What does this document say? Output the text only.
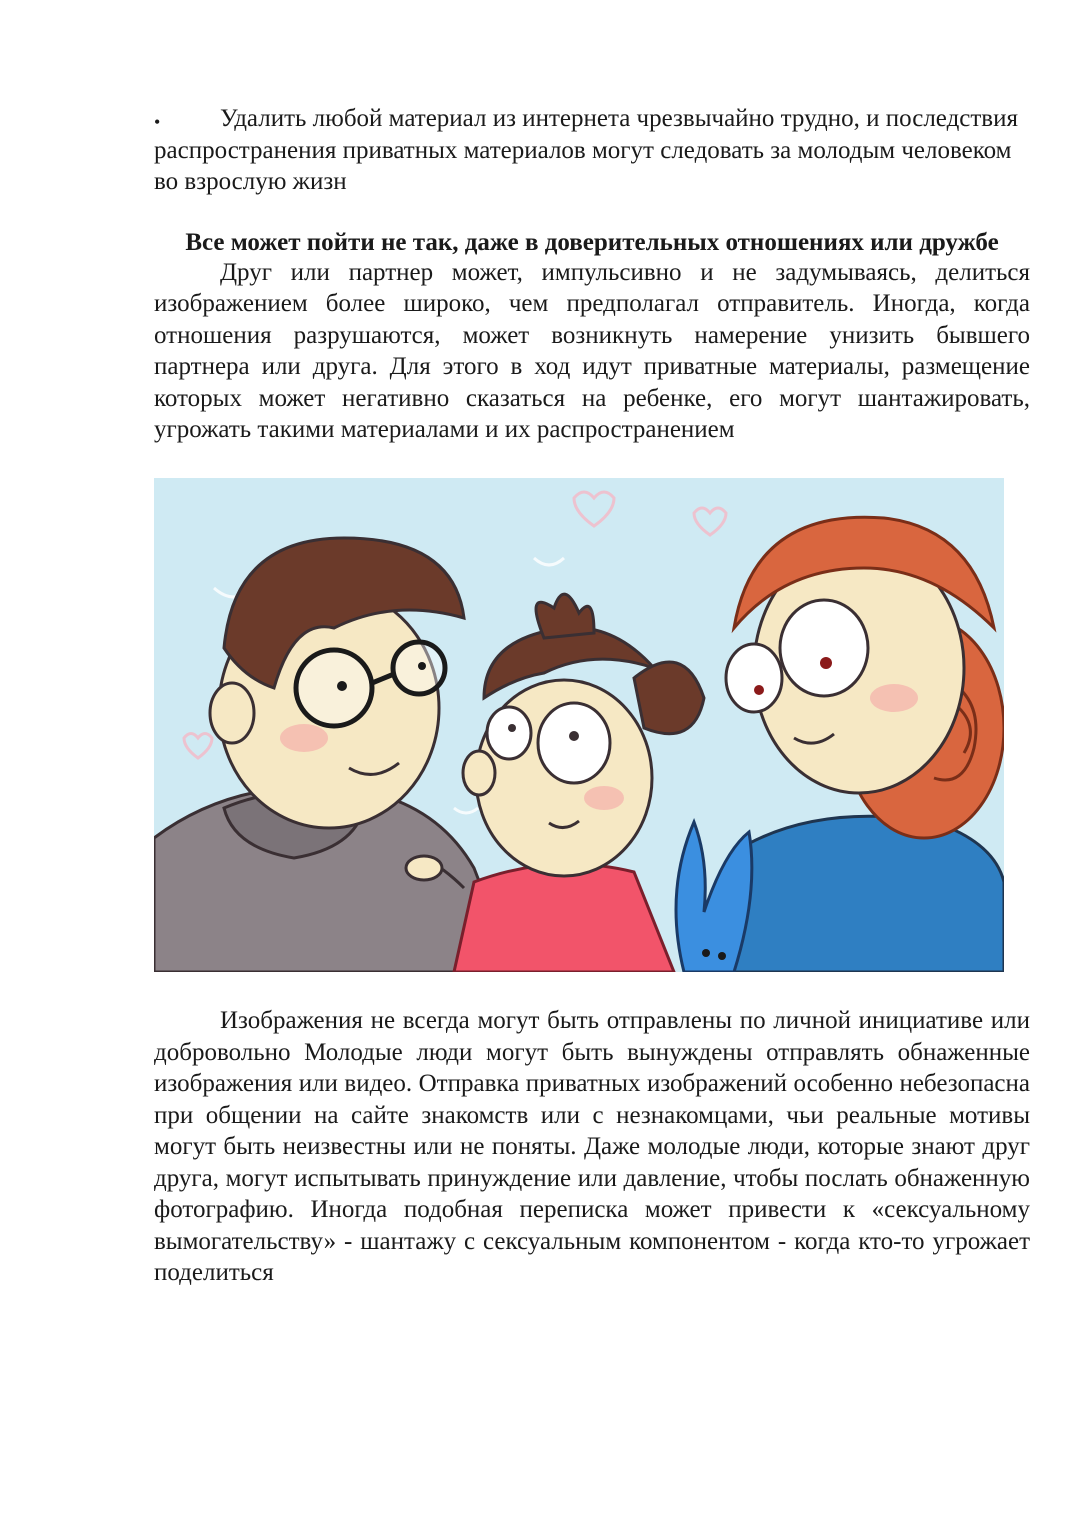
• Удалить любой материал из интернета чрезвычайно трудно, и последствия распространения приватных материалов могут следовать за молодым человеком во взрослую жизн

Все может пойти не так, даже в доверительных отношениях или дружбе

Друг или партнер может, импульсивно и не задумываясь, делиться изображением более широко, чем предполагал отправитель. Иногда, когда отношения разрушаются, может возникнуть намерение унизить бывшего партнера или друга. Для этого в ход идут приватные материалы, размещение которых может негативно сказаться на ребенке, его могут шантажировать, угрожать такими материалами и их распространением

Изображения не всегда могут быть отправлены по личной инициативе или добровольно Молодые люди могут быть вынуждены отправлять обнаженные изображения или видео. Отправка приватных изображений особенно небезопасна при общении на сайте знакомств или с незнакомцами, чьи реальные мотивы могут быть неизвестны или не поняты. Даже молодые люди, которые знают друг друга, могут испытывать принуждение или давление, чтобы послать обнаженную фотографию. Иногда подобная переписка может привести к «сексуальному вымогательству» - шантажу с сексуальным компонентом - когда кто-то угрожает поделиться
